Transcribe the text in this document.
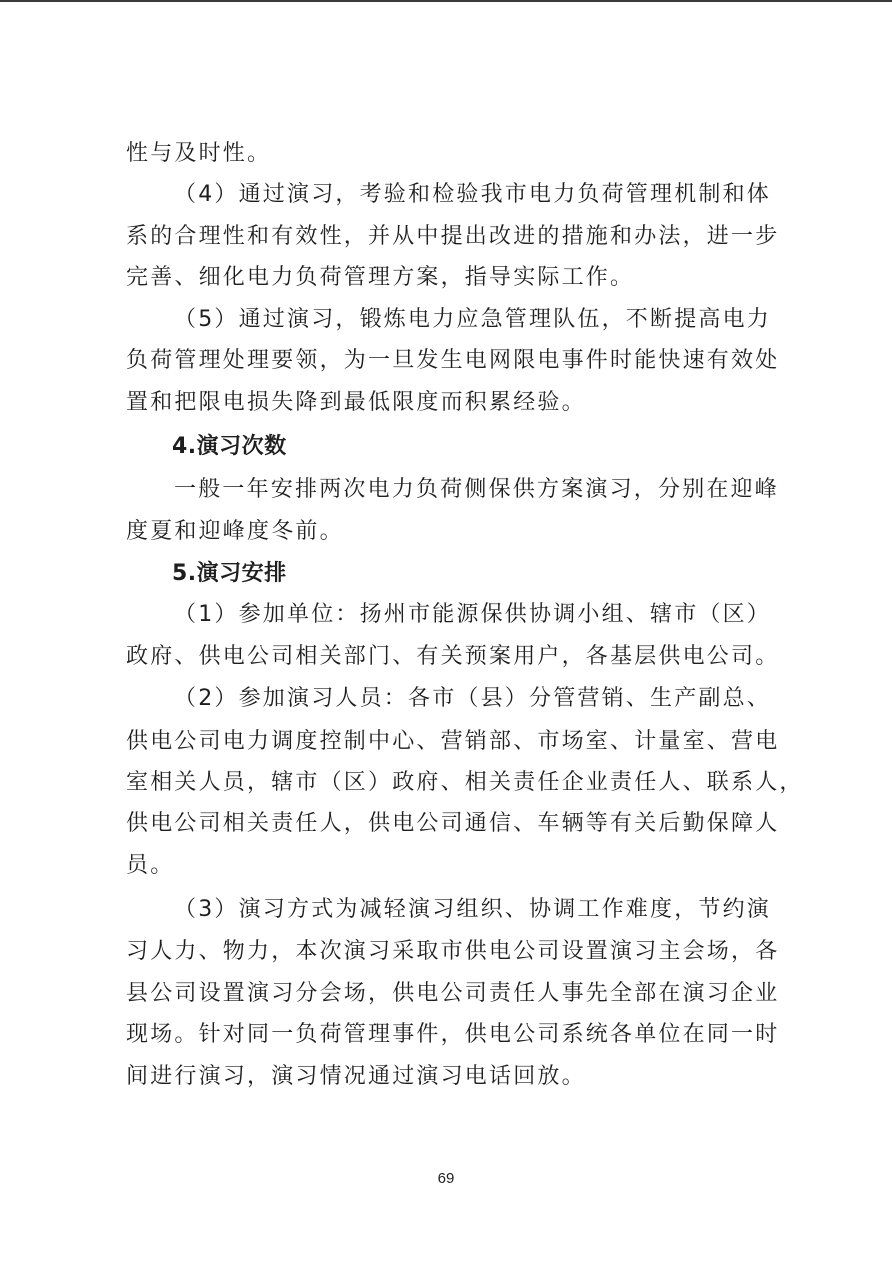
性与及时性。
（4）通过演习，考验和检验我市电力负荷管理机制和体
系的合理性和有效性，并从中提出改进的措施和办法，进一步
完善、细化电力负荷管理方案，指导实际工作。
（5）通过演习，锻炼电力应急管理队伍，不断提高电力
负荷管理处理要领，为一旦发生电网限电事件时能快速有效处
置和把限电损失降到最低限度而积累经验。
4.演习次数
一般一年安排两次电力负荷侧保供方案演习，分别在迎峰
度夏和迎峰度冬前。
5.演习安排
（1）参加单位：扬州市能源保供协调小组、辖市（区）
政府、供电公司相关部门、有关预案用户，各基层供电公司。
（2）参加演习人员：各市（县）分管营销、生产副总、
供电公司电力调度控制中心、营销部、市场室、计量室、营电
室相关人员，辖市（区）政府、相关责任企业责任人、联系人，
供电公司相关责任人，供电公司通信、车辆等有关后勤保障人
员。
（3）演习方式为减轻演习组织、协调工作难度，节约演
习人力、物力，本次演习采取市供电公司设置演习主会场，各
县公司设置演习分会场，供电公司责任人事先全部在演习企业
现场。针对同一负荷管理事件，供电公司系统各单位在同一时
间进行演习，演习情况通过演习电话回放。
69
